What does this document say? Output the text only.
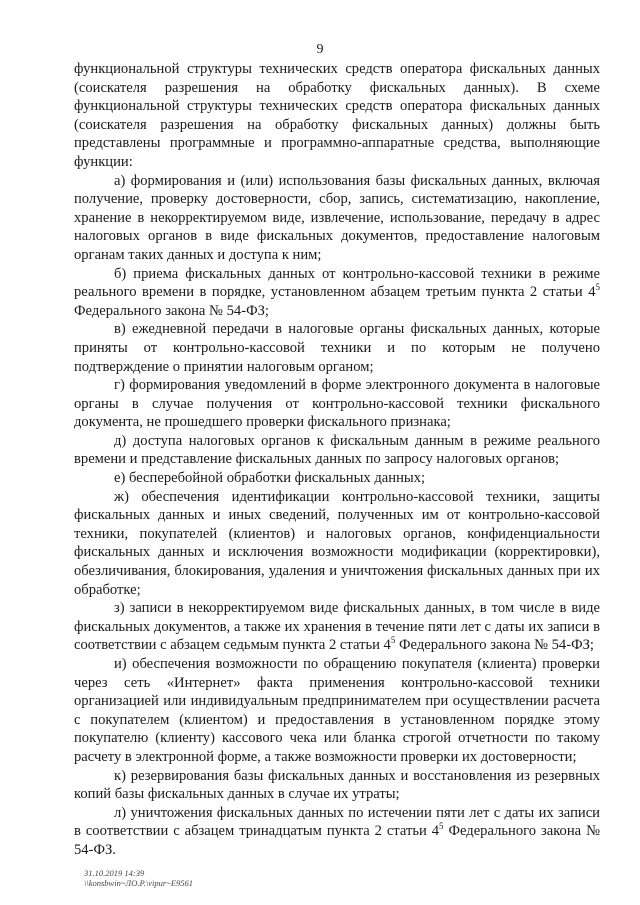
9

функциональной структуры технических средств оператора фискальных данных (соискателя разрешения на обработку фискальных данных). В схеме функциональной структуры технических средств оператора фискальных данных (соискателя разрешения на обработку фискальных данных) должны быть представлены программные и программно-аппаратные средства, выполняющие функции:

а) формирования и (или) использования базы фискальных данных, включая получение, проверку достоверности, сбор, запись, систематизацию, накопление, хранение в некорректируемом виде, извлечение, использование, передачу в адрес налоговых органов в виде фискальных документов, предоставление налоговым органам таких данных и доступа к ним;

б) приема фискальных данных от контрольно-кассовой техники в режиме реального времени в порядке, установленном абзацем третьим пункта 2 статьи $4^5$ Федерального закона № 54-ФЗ;

в) ежедневной передачи в налоговые органы фискальных данных, которые приняты от контрольно-кассовой техники и по которым не получено подтверждение о принятии налоговым органом;

г) формирования уведомлений в форме электронного документа в налоговые органы в случае получения от контрольно-кассовой техники фискального документа, не прошедшего проверки фискального признака;

д) доступа налоговых органов к фискальным данным в режиме реального времени и представление фискальных данных по запросу налоговых органов;

е) бесперебойной обработки фискальных данных;

ж) обеспечения идентификации контрольно-кассовой техники, защиты фискальных данных и иных сведений, полученных им от контрольно-кассовой техники, покупателей (клиентов) и налоговых органов, конфиденциальности фискальных данных и исключения возможности модификации (корректировки), обезличивания, блокирования, удаления и уничтожения фискальных данных при их обработке;

з) записи в некорректируемом виде фискальных данных, в том числе в виде фискальных документов, а также их хранения в течение пяти лет с даты их записи в соответствии с абзацем седьмым пункта 2 статьи $4^5$ Федерального закона № 54-ФЗ;

и) обеспечения возможности по обращению покупателя (клиента) проверки через сеть «Интернет» факта применения контрольно-кассовой техники организацией или индивидуальным предпринимателем при осуществлении расчета с покупателем (клиентом) и предоставления в установленном порядке этому покупателю (клиенту) кассового чека или бланка строгой отчетности по такому расчету в электронной форме, а также возможности проверки их достоверности;

к) резервирования базы фискальных данных и восстановления из резервных копий базы фискальных данных в случае их утраты;

л) уничтожения фискальных данных по истечении пяти лет с даты их записи в соответствии с абзацем тринадцатым пункта 2 статьи $4^5$ Федерального закона № 54-ФЗ.

31.10.2019 14:39
\\konsbwin~ЛО.Р.\vipur~Е9561
